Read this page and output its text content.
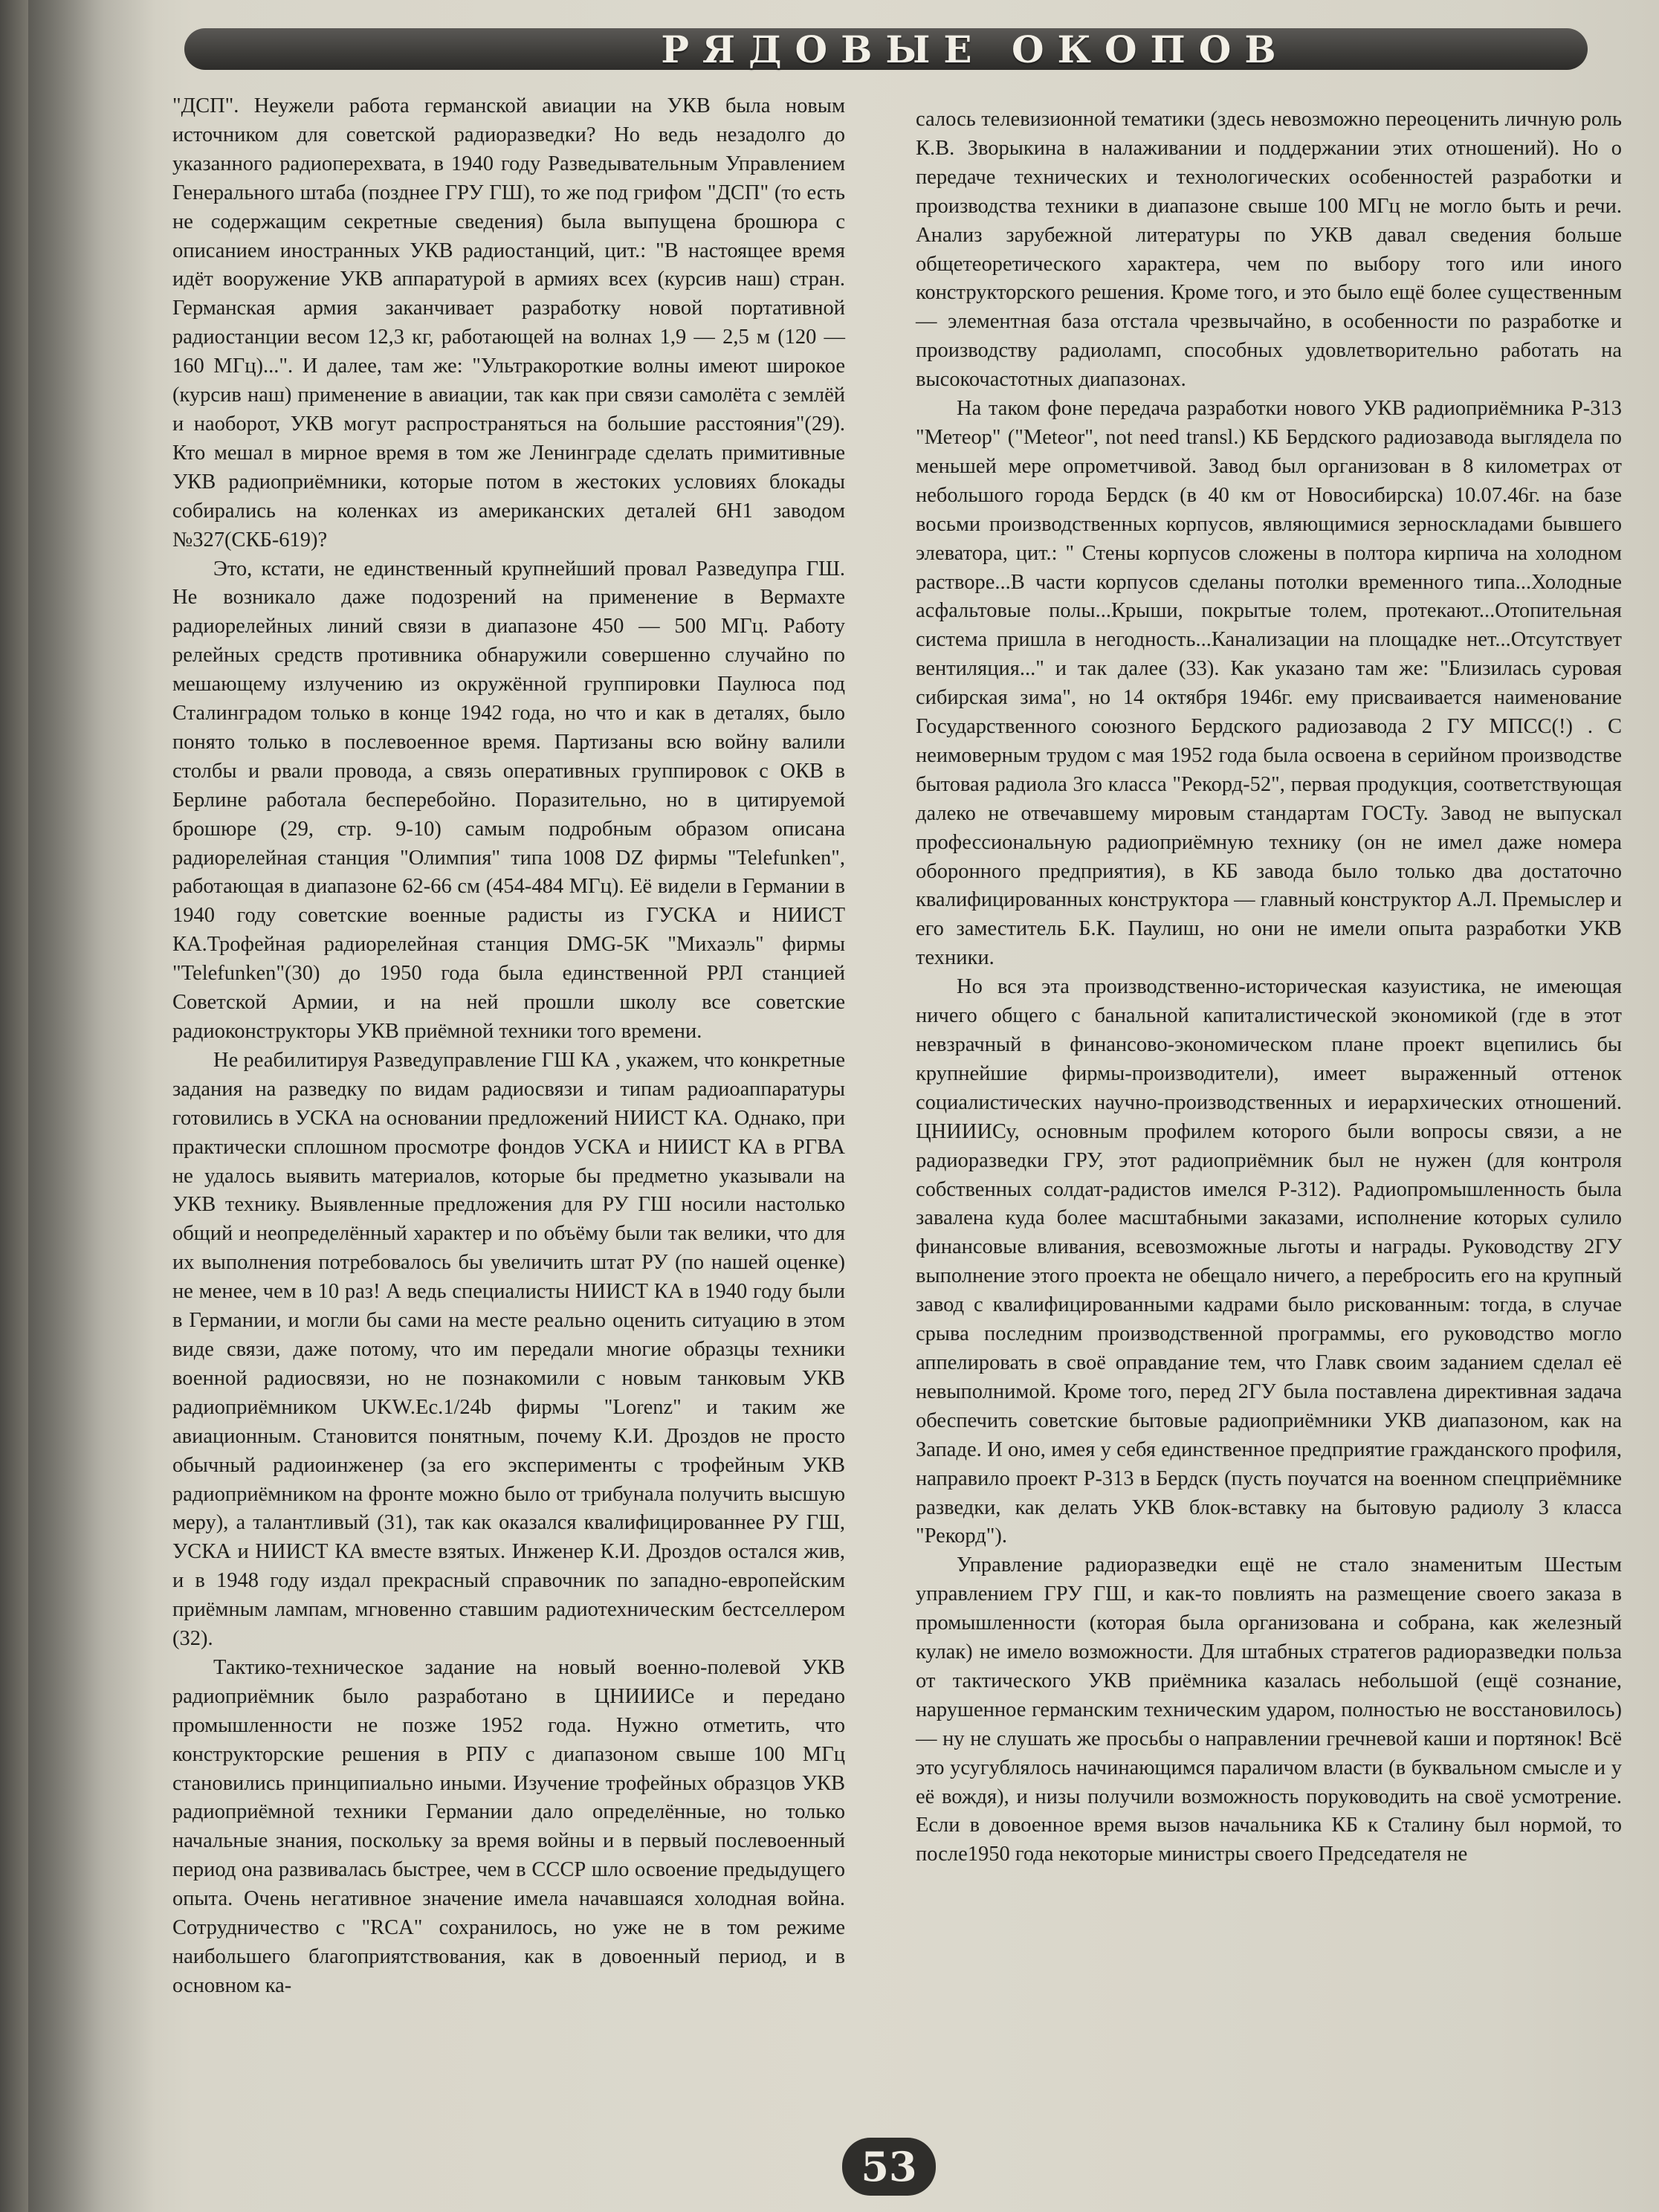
РЯДОВЫЕ ОКОПОВ

"ДСП". Неужели работа германской авиации на УКВ была новым источником для советской радиоразведки? Но ведь незадолго до указанного радиоперехвата, в 1940 году Разведывательным Управлением Генерального штаба (позднее ГРУ ГШ), то же под грифом "ДСП" (то есть не содержащим секретные сведения) была выпущена брошюра с описанием иностранных УКВ радиостанций, цит.: "В настоящее время идёт вооружение УКВ аппаратурой в армиях всех (курсив наш) стран. Германская армия заканчивает разработку новой портативной радиостанции весом 12,3 кг, работающей на волнах 1,9 — 2,5 м (120 — 160 МГц)...". И далее, там же: "Ультракороткие волны имеют широкое (курсив наш) применение в авиации, так как при связи самолёта с землёй и наоборот, УКВ могут распространяться на большие расстояния"(29). Кто мешал в мирное время в том же Ленинграде сделать примитивные УКВ радиоприёмники, которые потом в жестоких условиях блокады собирались на коленках из американских деталей 6Н1 заводом №327(СКБ-619)?

Это, кстати, не единственный крупнейший провал Разведупра ГШ. Не возникало даже подозрений на применение в Вермахте радиорелейных линий связи в диапазоне 450 — 500 МГц. Работу релейных средств противника обнаружили совершенно случайно по мешающему излучению из окружённой группировки Паулюса под Сталинградом только в конце 1942 года, но что и как в деталях, было понято только в послевоенное время. Партизаны всю войну валили столбы и рвали провода, а связь оперативных группировок с ОКВ в Берлине работала бесперебойно. Поразительно, но в цитируемой брошюре (29, стр. 9-10) самым подробным образом описана радиорелейная станция "Олимпия" типа 1008 DZ фирмы "Telefunken", работающая в диапазоне 62-66 см (454-484 МГц). Её видели в Германии в 1940 году советские военные радисты из ГУСКА и НИИСТ КА.Трофейная радиорелейная станция DMG-5K "Михаэль" фирмы "Telefunken"(30) до 1950 года была единственной РРЛ станцией Советской Армии, и на ней прошли школу все советские радиоконструкторы УКВ приёмной техники того времени.

Не реабилитируя Разведуправление ГШ КА , укажем, что конкретные задания на разведку по видам радиосвязи и типам радиоаппаратуры готовились в УСКА на основании предложений НИИСТ КА. Однако, при практически сплошном просмотре фондов УСКА и НИИСТ КА в РГВА не удалось выявить материалов, которые бы предметно указывали на УКВ технику. Выявленные предложения для РУ ГШ носили настолько общий и неопределённый характер и по объёму были так велики, что для их выполнения потребовалось бы увеличить штат РУ (по нашей оценке) не менее, чем в 10 раз! А ведь специалисты НИИСТ КА в 1940 году были в Германии, и могли бы сами на месте реально оценить ситуацию в этом виде связи, даже потому, что им передали многие образцы техники военной радиосвязи, но не познакомили с новым танковым УКВ радиоприёмником UKW.Ec.1/24b фирмы "Lorenz" и таким же авиационным. Становится понятным, почему К.И. Дроздов не просто обычный радиоинженер (за его эксперименты с трофейным УКВ радиоприёмником на фронте можно было от трибунала получить высшую меру), а талантливый (31), так как оказался квалифицированнее РУ ГШ, УСКА и НИИСТ КА вместе взятых. Инженер К.И. Дроздов остался жив, и в 1948 году издал прекрасный справочник по западно-европейским приёмным лампам, мгновенно ставшим радиотехническим бестселлером (32).

Тактико-техническое задание на новый военно-полевой УКВ радиоприёмник было разработано в ЦНИИИСе и передано промышленности не позже 1952 года. Нужно отметить, что конструкторские решения в РПУ с диапазоном свыше 100 МГц становились принципиально иными. Изучение трофейных образцов УКВ радиоприёмной техники Германии дало определённые, но только начальные знания, поскольку за время войны и в первый послевоенный период она развивалась быстрее, чем в СССР шло освоение предыдущего опыта. Очень негативное значение имела начавшаяся холодная война. Сотрудничество с "RCA" сохранилось, но уже не в том режиме наибольшего благоприятствования, как в довоенный период, и в основном ка-

салось телевизионной тематики (здесь невозможно переоценить личную роль К.В. Зворыкина в налаживании и поддержании этих отношений). Но о передаче технических и технологических особенностей разработки и производства техники в диапазоне свыше 100 МГц не могло быть и речи. Анализ зарубежной литературы по УКВ давал сведения больше общетеоретического характера, чем по выбору того или иного конструкторского решения. Кроме того, и это было ещё более существенным — элементная база отстала чрезвычайно, в особенности по разработке и производству радиоламп, способных удовлетворительно работать на высокочастотных диапазонах.

На таком фоне передача разработки нового УКВ радиоприёмника Р-313 "Метеор" ("Meteor", not need transl.) КБ Бердского радиозавода выглядела по меньшей мере опрометчивой. Завод был организован в 8 километрах от небольшого города Бердск (в 40 км от Новосибирска) 10.07.46г. на базе восьми производственных корпусов, являющимися зерноскладами бывшего элеватора, цит.: " Стены корпусов сложены в полтора кирпича на холодном растворе...В части корпусов сделаны потолки временного типа...Холодные асфальтовые полы...Крыши, покрытые толем, протекают...Отопительная система пришла в негодность...Канализации на площадке нет...Отсутствует вентиляция..." и так далее (33). Как указано там же: "Близилась суровая сибирская зима", но 14 октября 1946г. ему присваивается наименование Государственного союзного Бердского радиозавода 2 ГУ МПСС(!) . С неимоверным трудом с мая 1952 года была освоена в серийном производстве бытовая радиола 3го класса "Рекорд-52", первая продукция, соответствующая далеко не отвечавшему мировым стандартам ГОСТу. Завод не выпускал профессиональную радиоприёмную технику (он не имел даже номера оборонного предприятия), в КБ завода было только два достаточно квалифицированных конструктора — главный конструктор А.Л. Премыслер и его заместитель Б.К. Паулиш, но они не имели опыта разработки УКВ техники.

Но вся эта производственно-историческая казуистика, не имеющая ничего общего с банальной капиталистической экономикой (где в этот невзрачный в финансово-экономическом плане проект вцепились бы крупнейшие фирмы-производители), имеет выраженный оттенок социалистических научно-производственных и иерархических отношений. ЦНИИИСу, основным профилем которого были вопросы связи, а не радиоразведки ГРУ, этот радиоприёмник был не нужен (для контроля собственных солдат-радистов имелся Р-312). Радиопромышленность была завалена куда более масштабными заказами, исполнение которых сулило финансовые вливания, всевозможные льготы и награды. Руководству 2ГУ выполнение этого проекта не обещало ничего, а перебросить его на крупный завод с квалифицированными кадрами было рискованным: тогда, в случае срыва последним производственной программы, его руководство могло аппелировать в своё оправдание тем, что Главк своим заданием сделал её невыполнимой. Кроме того, перед 2ГУ была поставлена директивная задача обеспечить советские бытовые радиоприёмники УКВ диапазоном, как на Западе. И оно, имея у себя единственное предприятие гражданского профиля, направило проект Р-313 в Бердск (пусть поучатся на военном спецприёмнике разведки, как делать УКВ блок-вставку на бытовую радиолу 3 класса "Рекорд").

Управление радиоразведки ещё не стало знаменитым Шестым управлением ГРУ ГШ, и как-то повлиять на размещение своего заказа в промышленности (которая была организована и собрана, как железный кулак) не имело возможности. Для штабных стратегов радиоразведки польза от тактического УКВ приёмника казалась небольшой (ещё сознание, нарушенное германским техническим ударом, полностью не восстановилось) — ну не слушать же просьбы о направлении гречневой каши и портянок! Всё это усугублялось начинающимся параличом власти (в буквальном смысле и у её вождя), и низы получили возможность поруководить на своё усмотрение. Если в довоенное время вызов начальника КБ к Сталину был нормой, то после1950 года некоторые министры своего Председателя не

53
